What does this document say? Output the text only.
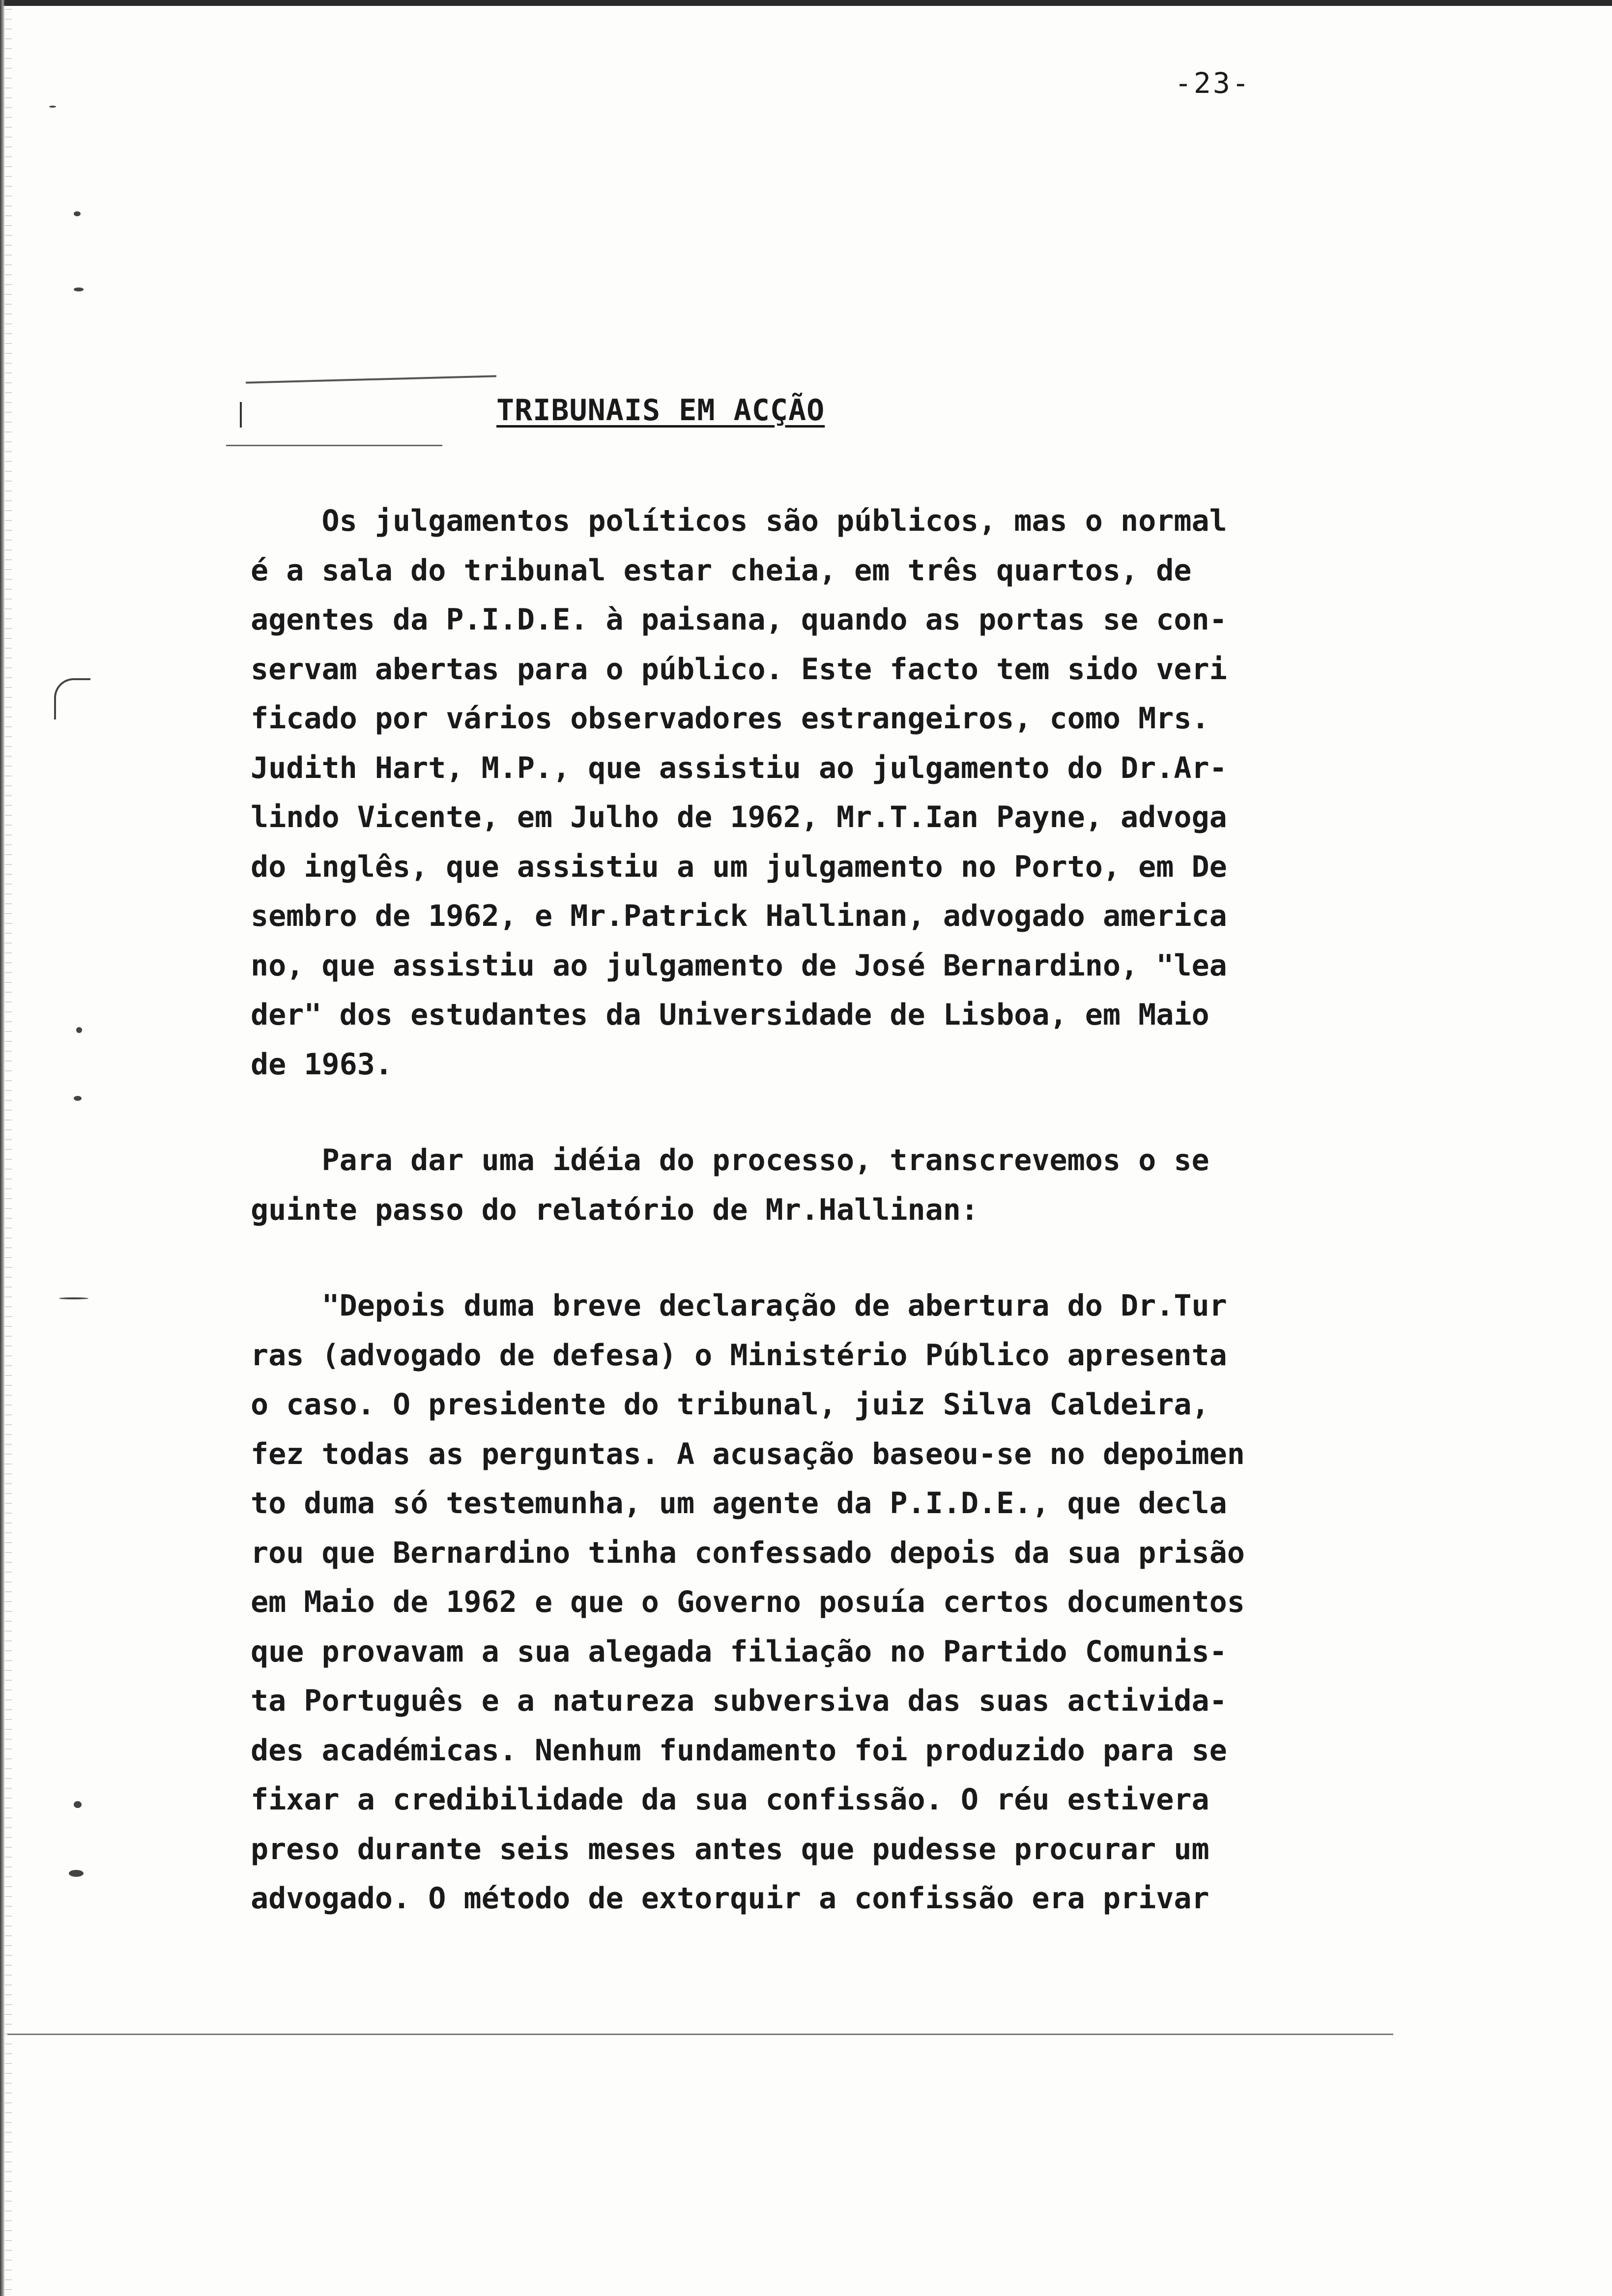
-23-
TRIBUNAIS EM ACÇÃO
Os julgamentos políticos são públicos, mas o normal
é a sala do tribunal estar cheia, em três quartos, de
agentes da P.I.D.E. à paisana, quando as portas se con-
servam abertas para o público. Este facto tem sido veri
ficado por vários observadores estrangeiros, como Mrs.
Judith Hart, M.P., que assistiu ao julgamento do Dr.Ar-
lindo Vicente, em Julho de 1962, Mr.T.Ian Payne, advoga
do inglês, que assistiu a um julgamento no Porto, em De
sembro de 1962, e Mr.Patrick Hallinan, advogado america
no, que assistiu ao julgamento de José Bernardino, "lea
der" dos estudantes da Universidade de Lisboa, em Maio
de 1963.
Para dar uma idéia do processo, transcrevemos o se
guinte passo do relatório de Mr.Hallinan:
"Depois duma breve declaração de abertura do Dr.Tur
ras (advogado de defesa) o Ministério Público apresenta
o caso. O presidente do tribunal, juiz Silva Caldeira,
fez todas as perguntas. A acusação baseou-se no depoimen
to duma só testemunha, um agente da P.I.D.E., que decla
rou que Bernardino tinha confessado depois da sua prisão
em Maio de 1962 e que o Governo posuía certos documentos
que provavam a sua alegada filiação no Partido Comunis-
ta Português e a natureza subversiva das suas activida-
des académicas. Nenhum fundamento foi produzido para se
fixar a credibilidade da sua confissão. O réu estivera
preso durante seis meses antes que pudesse procurar um
advogado. O método de extorquir a confissão era privar
